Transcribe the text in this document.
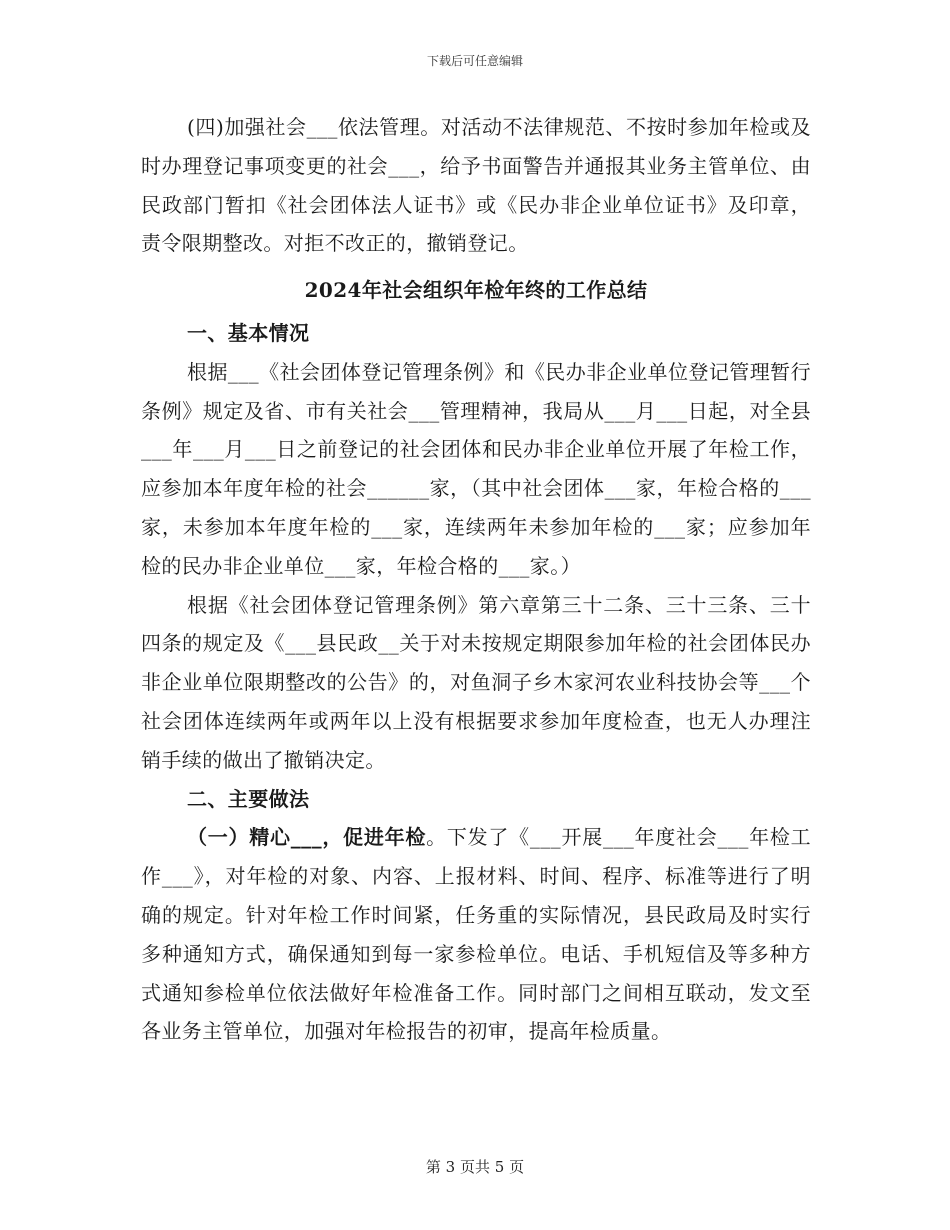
下载后可任意编辑

(四)加强社会___依法管理。对活动不法律规范、不按时参加年检或及时办理登记事项变更的社会___，给予书面警告并通报其业务主管单位、由民政部门暂扣《社会团体法人证书》或《民办非企业单位证书》及印章，责令限期整改。对拒不改正的，撤销登记。

2024年社会组织年检年终的工作总结

一、基本情况

根据___《社会团体登记管理条例》和《民办非企业单位登记管理暂行条例》规定及省、市有关社会___管理精神，我局从___月___日起，对全县___年___月___日之前登记的社会团体和民办非企业单位开展了年检工作，应参加本年度年检的社会______家，（其中社会团体___家，年检合格的___家，未参加本年度年检的___家，连续两年未参加年检的___家；应参加年检的民办非企业单位___家，年检合格的___家。）

根据《社会团体登记管理条例》第六章第三十二条、三十三条、三十四条的规定及《___县民政__关于对未按规定期限参加年检的社会团体民办非企业单位限期整改的公告》的，对鱼洞子乡木家河农业科技协会等___个社会团体连续两年或两年以上没有根据要求参加年度检查，也无人办理注销手续的做出了撤销决定。

二、主要做法

（一）精心___，促进年检。下发了《___开展___年度社会___年检工作___》，对年检的对象、内容、上报材料、时间、程序、标准等进行了明确的规定。针对年检工作时间紧，任务重的实际情况，县民政局及时实行多种通知方式，确保通知到每一家参检单位。电话、手机短信及等多种方式通知参检单位依法做好年检准备工作。同时部门之间相互联动，发文至各业务主管单位，加强对年检报告的初审，提高年检质量。

第 3 页共 5 页
